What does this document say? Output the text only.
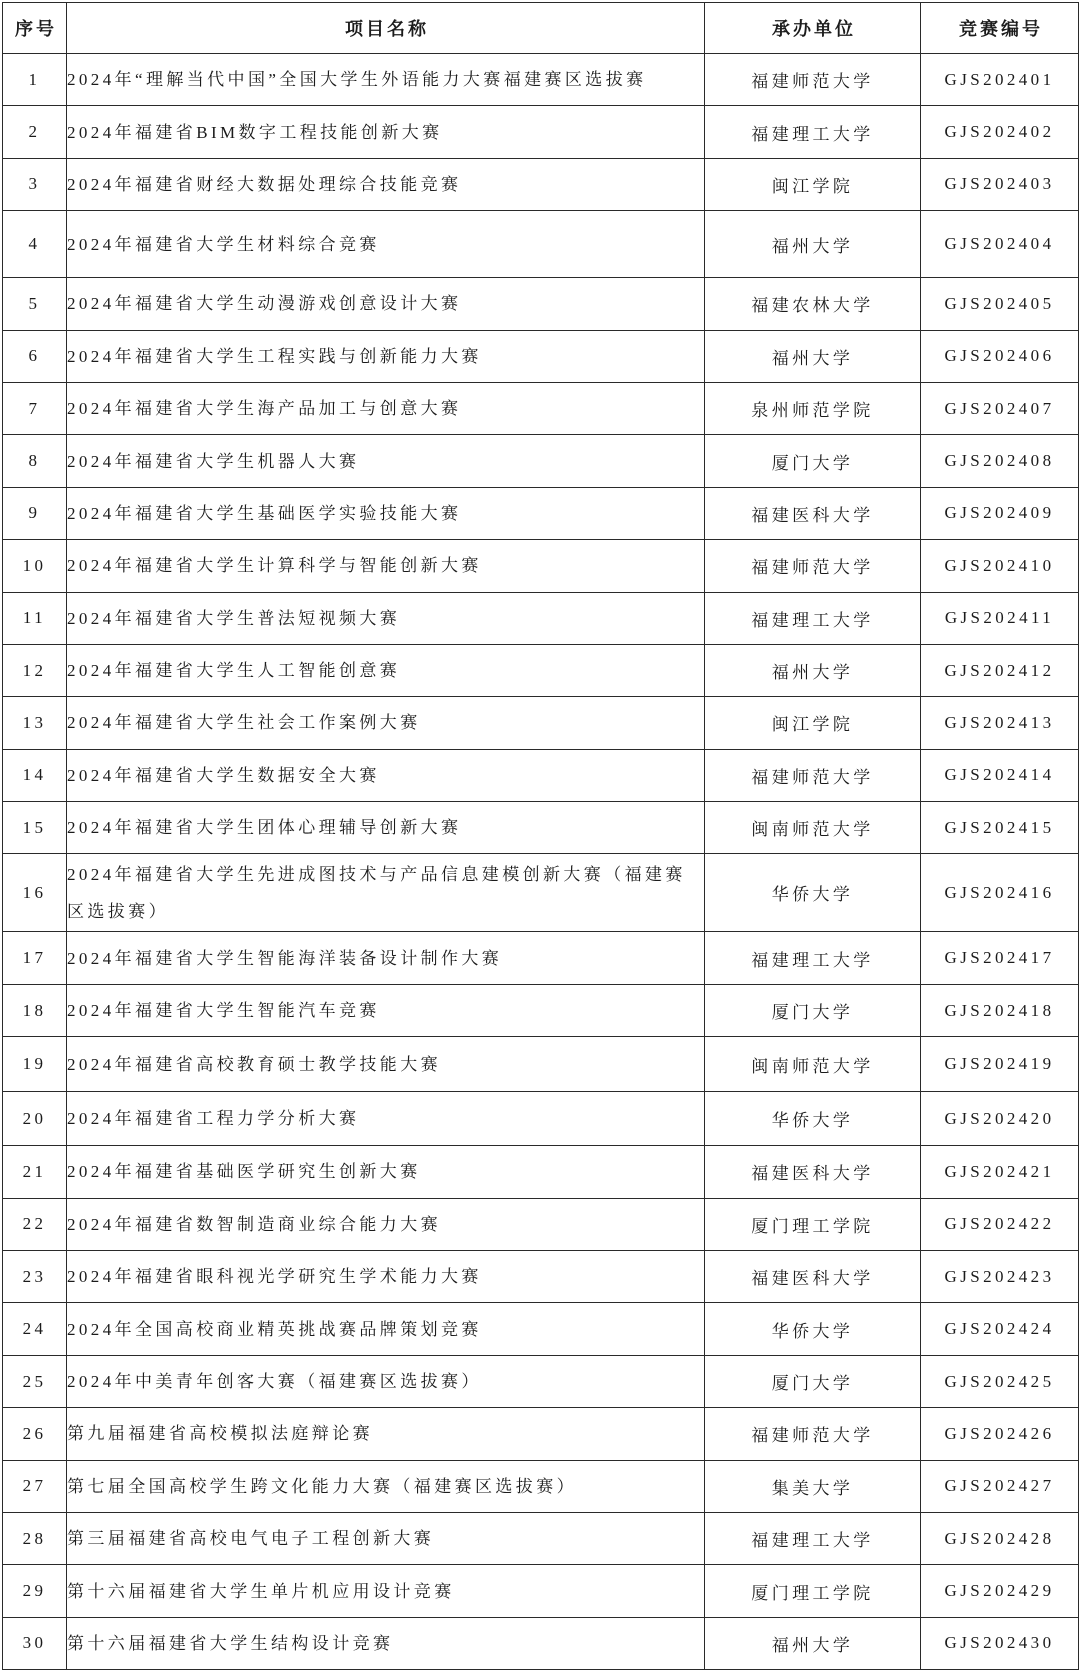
序号	项目名称	承办单位	竞赛编号
1	2024年“理解当代中国”全国大学生外语能力大赛福建赛区选拔赛	福建师范大学	GJS202401
2	2024年福建省BIM数字工程技能创新大赛	福建理工大学	GJS202402
3	2024年福建省财经大数据处理综合技能竞赛	闽江学院	GJS202403
4	2024年福建省大学生材料综合竞赛	福州大学	GJS202404
5	2024年福建省大学生动漫游戏创意设计大赛	福建农林大学	GJS202405
6	2024年福建省大学生工程实践与创新能力大赛	福州大学	GJS202406
7	2024年福建省大学生海产品加工与创意大赛	泉州师范学院	GJS202407
8	2024年福建省大学生机器人大赛	厦门大学	GJS202408
9	2024年福建省大学生基础医学实验技能大赛	福建医科大学	GJS202409
10	2024年福建省大学生计算科学与智能创新大赛	福建师范大学	GJS202410
11	2024年福建省大学生普法短视频大赛	福建理工大学	GJS202411
12	2024年福建省大学生人工智能创意赛	福州大学	GJS202412
13	2024年福建省大学生社会工作案例大赛	闽江学院	GJS202413
14	2024年福建省大学生数据安全大赛	福建师范大学	GJS202414
15	2024年福建省大学生团体心理辅导创新大赛	闽南师范大学	GJS202415
16	2024年福建省大学生先进成图技术与产品信息建模创新大赛（福建赛区选拔赛）	华侨大学	GJS202416
17	2024年福建省大学生智能海洋装备设计制作大赛	福建理工大学	GJS202417
18	2024年福建省大学生智能汽车竞赛	厦门大学	GJS202418
19	2024年福建省高校教育硕士教学技能大赛	闽南师范大学	GJS202419
20	2024年福建省工程力学分析大赛	华侨大学	GJS202420
21	2024年福建省基础医学研究生创新大赛	福建医科大学	GJS202421
22	2024年福建省数智制造商业综合能力大赛	厦门理工学院	GJS202422
23	2024年福建省眼科视光学研究生学术能力大赛	福建医科大学	GJS202423
24	2024年全国高校商业精英挑战赛品牌策划竞赛	华侨大学	GJS202424
25	2024年中美青年创客大赛（福建赛区选拔赛）	厦门大学	GJS202425
26	第九届福建省高校模拟法庭辩论赛	福建师范大学	GJS202426
27	第七届全国高校学生跨文化能力大赛（福建赛区选拔赛）	集美大学	GJS202427
28	第三届福建省高校电气电子工程创新大赛	福建理工大学	GJS202428
29	第十六届福建省大学生单片机应用设计竞赛	厦门理工学院	GJS202429
30	第十六届福建省大学生结构设计竞赛	福州大学	GJS202430
